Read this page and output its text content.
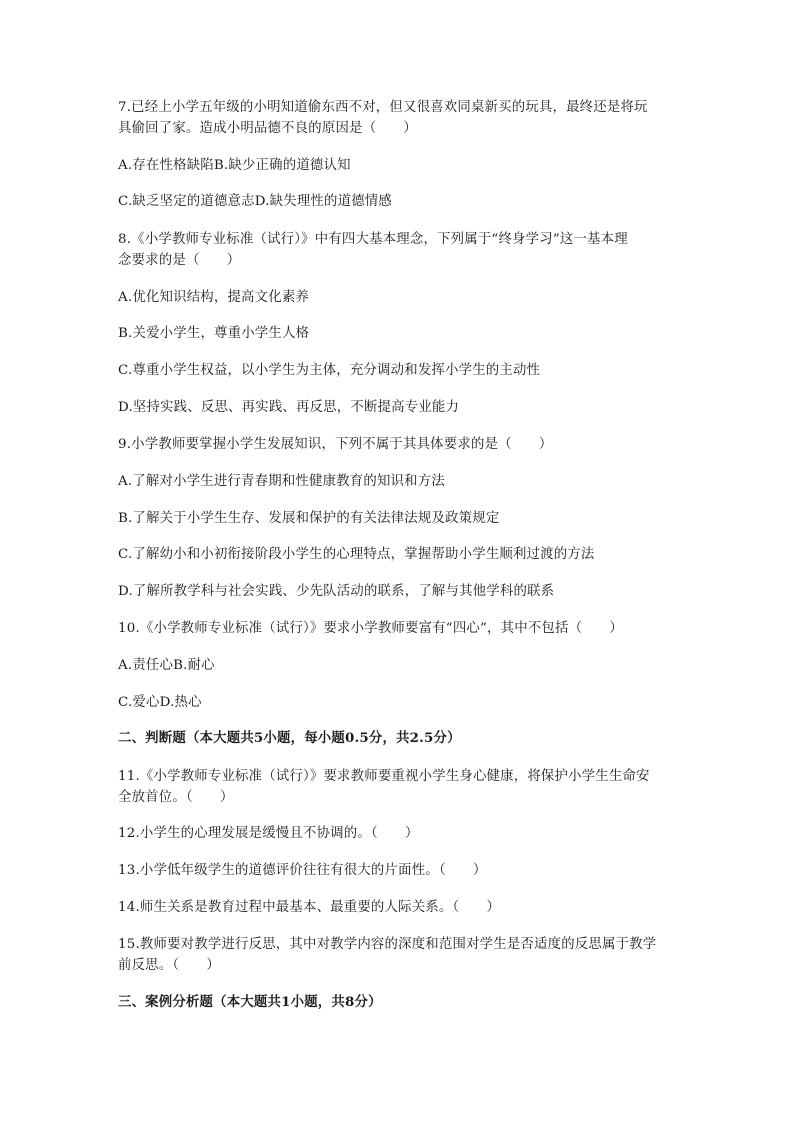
7.已经上小学五年级的小明知道偷东西不对，但又很喜欢同桌新买的玩具，最终还是将玩
具偷回了家。造成小明品德不良的原因是（　　）
A.存在性格缺陷B.缺少正确的道德认知
C.缺乏坚定的道德意志D.缺失理性的道德情感
8.《小学教师专业标准（试行）》中有四大基本理念，下列属于“终身学习”这一基本理
念要求的是（　　）
A.优化知识结构，提高文化素养
B.关爱小学生，尊重小学生人格
C.尊重小学生权益，以小学生为主体，充分调动和发挥小学生的主动性
D.坚持实践、反思、再实践、再反思，不断提高专业能力
9.小学教师要掌握小学生发展知识，下列不属于其具体要求的是（　　）
A.了解对小学生进行青春期和性健康教育的知识和方法
B.了解关于小学生生存、发展和保护的有关法律法规及政策规定
C.了解幼小和小初衔接阶段小学生的心理特点，掌握帮助小学生顺利过渡的方法
D.了解所教学科与社会实践、少先队活动的联系，了解与其他学科的联系
10.《小学教师专业标准（试行）》要求小学教师要富有“四心”，其中不包括（　　）
A.责任心B.耐心
C.爱心D.热心
二、判断题（本大题共5小题，每小题0.5分，共2.5分）
11.《小学教师专业标准（试行）》要求教师要重视小学生身心健康，将保护小学生生命安
全放首位。（　　）
12.小学生的心理发展是缓慢且不协调的。（　　）
13.小学低年级学生的道德评价往往有很大的片面性。（　　）
14.师生关系是教育过程中最基本、最重要的人际关系。（　　）
15.教师要对教学进行反思，其中对教学内容的深度和范围对学生是否适度的反思属于教学
前反思。（　　）
三、案例分析题（本大题共1小题，共8分）
